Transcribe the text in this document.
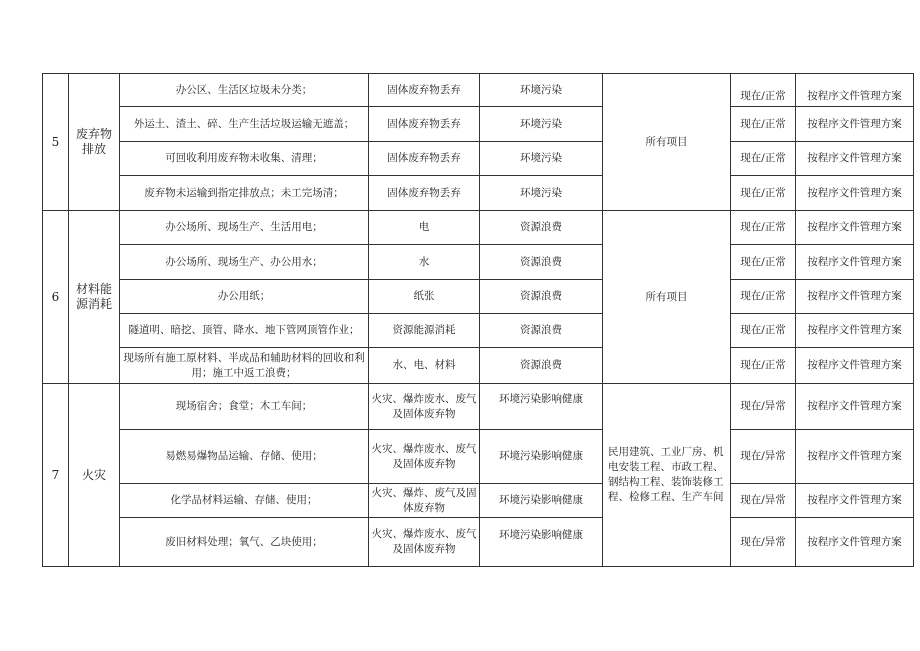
5	废弃物排放	办公区、生活区垃圾未分类；	固体废弃物丢弃	环境污染	所有项目	现在/正常	按程序文件管理方案
		外运土、渣土、碎、生产生活垃圾运输无遮盖；	固体废弃物丢弃	环境污染		现在/正常	按程序文件管理方案
		可回收利用废弃物未收集、清理；	固体废弃物丢弃	环境污染		现在/正常	按程序文件管理方案
		废弃物未运输到指定排放点；未工完场清；	固体废弃物丢弃	环境污染		现在/正常	按程序文件管理方案
6	材料能源消耗	办公场所、现场生产、生活用电；	电	资源浪费	所有项目	现在/正常	按程序文件管理方案
		办公场所、现场生产、办公用水；	水	资源浪费		现在/正常	按程序文件管理方案
		办公用纸；	纸张	资源浪费		现在/正常	按程序文件管理方案
		隧道明、暗挖、顶管、降水、地下管网顶管作业；	资源能源消耗	资源浪费		现在/正常	按程序文件管理方案
		现场所有施工原材料、半成品和辅助材料的回收和利用；施工中返工浪费；	水、电、材料	资源浪费		现在/正常	按程序文件管理方案
7	火灾	现场宿舍；食堂；木工车间；	火灾、爆炸废水、废气及固体废弃物	环境污染影响健康	民用建筑、工业厂房、机电安装工程、市政工程、钢结构工程、装饰装修工程、检修工程、生产车间	现在/异常	按程序文件管理方案
		易燃易爆物品运输、存储、使用；	火灾、爆炸废水、废气及固体废弃物	环境污染影响健康		现在/异常	按程序文件管理方案
		化学品材料运输、存储、使用；	火灾、爆炸、废气及固体废弃物	环境污染影响健康		现在/异常	按程序文件管理方案
		废旧材料处理；氧气、乙块使用；	火灾、爆炸废水、废气及固体废弃物	环境污染影响健康		现在/异常	按程序文件管理方案
